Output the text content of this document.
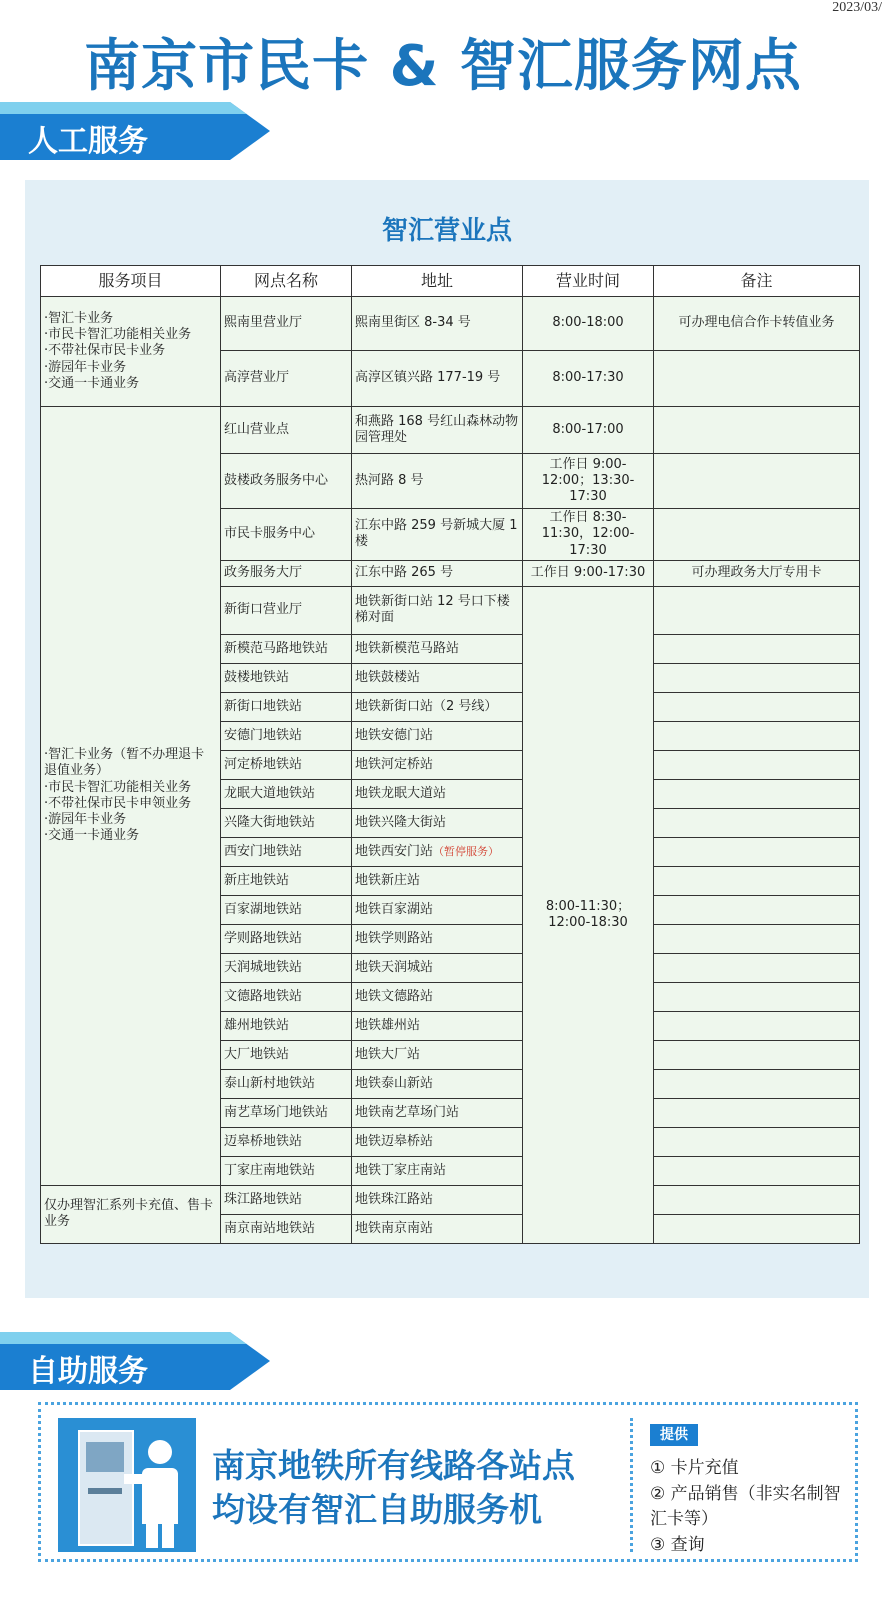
2023/03/
南京市民卡 & 智汇服务网点
人工服务
智汇营业点
服务项目	网点名称	地址	营业时间	备注

·智汇卡业务
·市民卡智汇功能相关业务
·不带社保市民卡业务
·游园年卡业务
·交通一卡通业务	熙南里营业厅	熙南里街区 8-34 号	8:00-18:00	可办理电信合作卡转值业务
	高淳营业厅	高淳区镇兴路 177-19 号	8:00-17:30	

·智汇卡业务（暂不办理退卡退值业务）
·市民卡智汇功能相关业务
·不带社保市民卡申领业务
·游园年卡业务
·交通一卡通业务	红山营业点	和燕路 168 号红山森林动物园管理处	8:00-17:00	
	鼓楼政务服务中心	热河路 8 号	工作日 9:00-12:00；13:30-17:30	
	市民卡服务中心	江东中路 259 号新城大厦 1 楼	工作日 8:30-11:30，12:00-17:30	
	政务服务大厅	江东中路 265 号	工作日 9:00-17:30	可办理政务大厅专用卡
	新街口营业厅	地铁新街口站 12 号口下楼梯对面	8:00-11:30；12:00-18:30	
	新模范马路地铁站	地铁新模范马路站		
	鼓楼地铁站	地铁鼓楼站		
	新街口地铁站	地铁新街口站（2 号线）		
	安德门地铁站	地铁安德门站		
	河定桥地铁站	地铁河定桥站		
	龙眠大道地铁站	地铁龙眠大道站		
	兴隆大街地铁站	地铁兴隆大街站		
	西安门地铁站	地铁西安门站（暂停服务）		
	新庄地铁站	地铁新庄站		
	百家湖地铁站	地铁百家湖站		
	学则路地铁站	地铁学则路站		
	天润城地铁站	地铁天润城站		
	文德路地铁站	地铁文德路站		
	雄州地铁站	地铁雄州站		
	大厂地铁站	地铁大厂站		
	泰山新村地铁站	地铁泰山新站		
	南艺草场门地铁站	地铁南艺草场门站		
	迈皋桥地铁站	地铁迈皋桥站		
	丁家庄南地铁站	地铁丁家庄南站		

仅办理智汇系列卡充值、售卡业务	珠江路地铁站	地铁珠江路站		
	南京南站地铁站	地铁南京南站		
自助服务
南京地铁所有线路各站点
均设有智汇自助服务机
提供
① 卡片充值
② 产品销售（非实名制智汇卡等）
③ 查询
